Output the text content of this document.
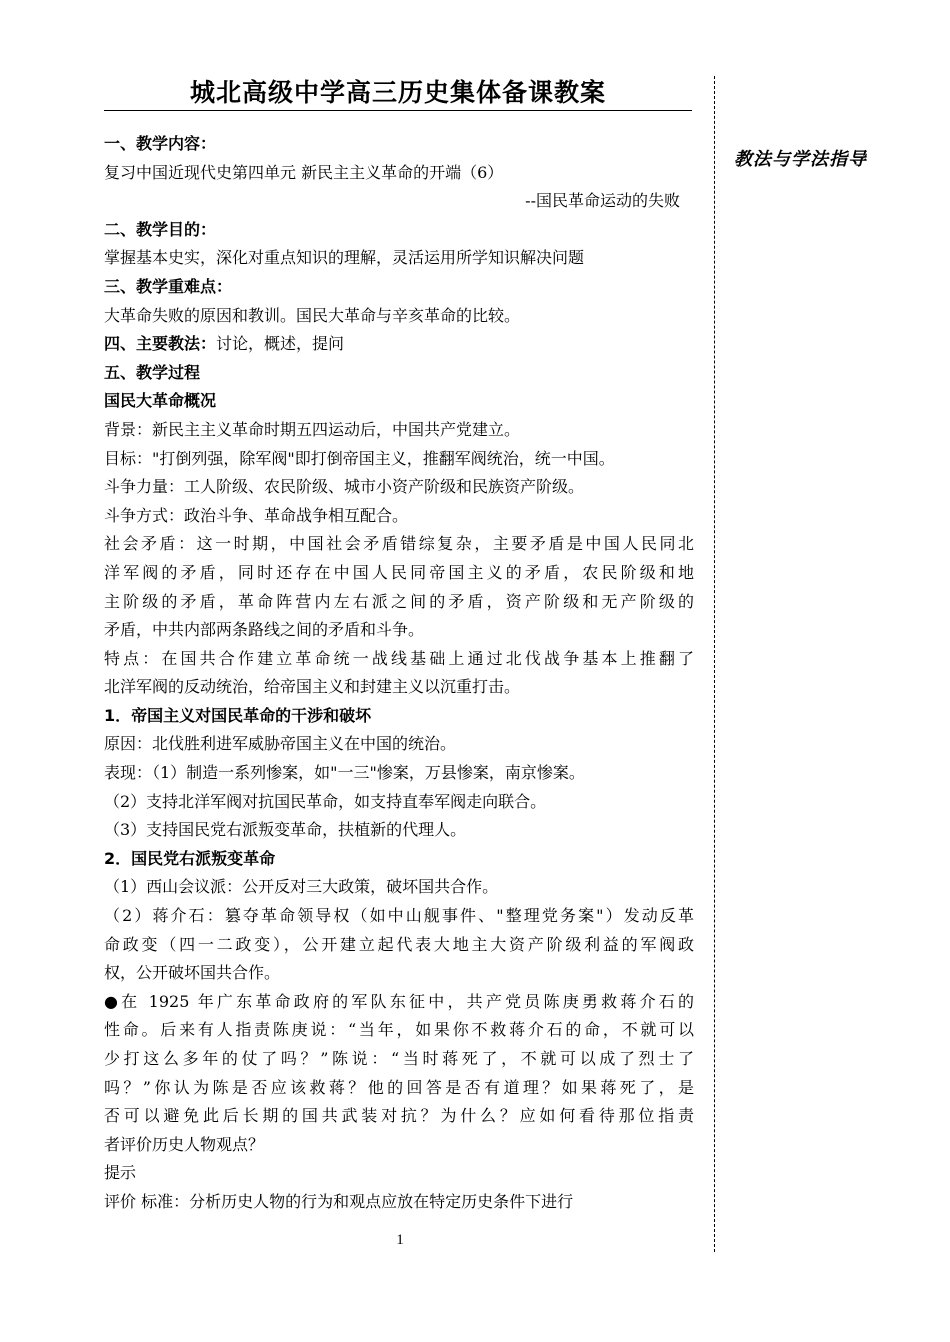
城北高级中学高三历史集体备课教案
教法与学法指导
一、教学内容：
复习中国近现代史第四单元 新民主主义革命的开端（6）
--国民革命运动的失败
二、教学目的：
掌握基本史实，深化对重点知识的理解，灵活运用所学知识解决问题
三、教学重难点：
大革命失败的原因和教训。国民大革命与辛亥革命的比较。
四、主要教法：讨论，概述，提问
五、教学过程
国民大革命概况
背景：新民主主义革命时期五四运动后，中国共产党建立。
目标："打倒列强，除军阀"即打倒帝国主义，推翻军阀统治，统一中国。
斗争力量：工人阶级、农民阶级、城市小资产阶级和民族资产阶级。
斗争方式：政治斗争、革命战争相互配合。
社会矛盾：这一时期，中国社会矛盾错综复杂，主要矛盾是中国人民同北
洋军阀的矛盾，同时还存在中国人民同帝国主义的矛盾，农民阶级和地
主阶级的矛盾，革命阵营内左右派之间的矛盾，资产阶级和无产阶级的
矛盾，中共内部两条路线之间的矛盾和斗争。
特点：在国共合作建立革命统一战线基础上通过北伐战争基本上推翻了
北洋军阀的反动统治，给帝国主义和封建主义以沉重打击。
1．帝国主义对国民革命的干涉和破坏
原因：北伐胜利进军威胁帝国主义在中国的统治。
表现：（1）制造一系列惨案，如"一三"惨案，万县惨案，南京惨案。
（2）支持北洋军阀对抗国民革命，如支持直奉军阀走向联合。
（3）支持国民党右派叛变革命，扶植新的代理人。
2．国民党右派叛变革命
（1）西山会议派：公开反对三大政策，破坏国共合作。
（2）蒋介石：篡夺革命领导权（如中山舰事件、"整理党务案"）发动反革
命政变（四一二政变），公开建立起代表大地主大资产阶级利益的军阀政
权，公开破坏国共合作。
●在 1925 年广东革命政府的军队东征中，共产党员陈庚勇救蒋介石的
性命。后来有人指责陈庚说：“当年，如果你不救蒋介石的命，不就可以
少打这么多年的仗了吗？”陈说：“当时蒋死了，不就可以成了烈士了
吗？”你认为陈是否应该救蒋？他的回答是否有道理？如果蒋死了，是
否可以避免此后长期的国共武装对抗？为什么？应如何看待那位指责
者评价历史人物观点？
提示
评价 标准：分析历史人物的行为和观点应放在特定历史条件下进行
1
